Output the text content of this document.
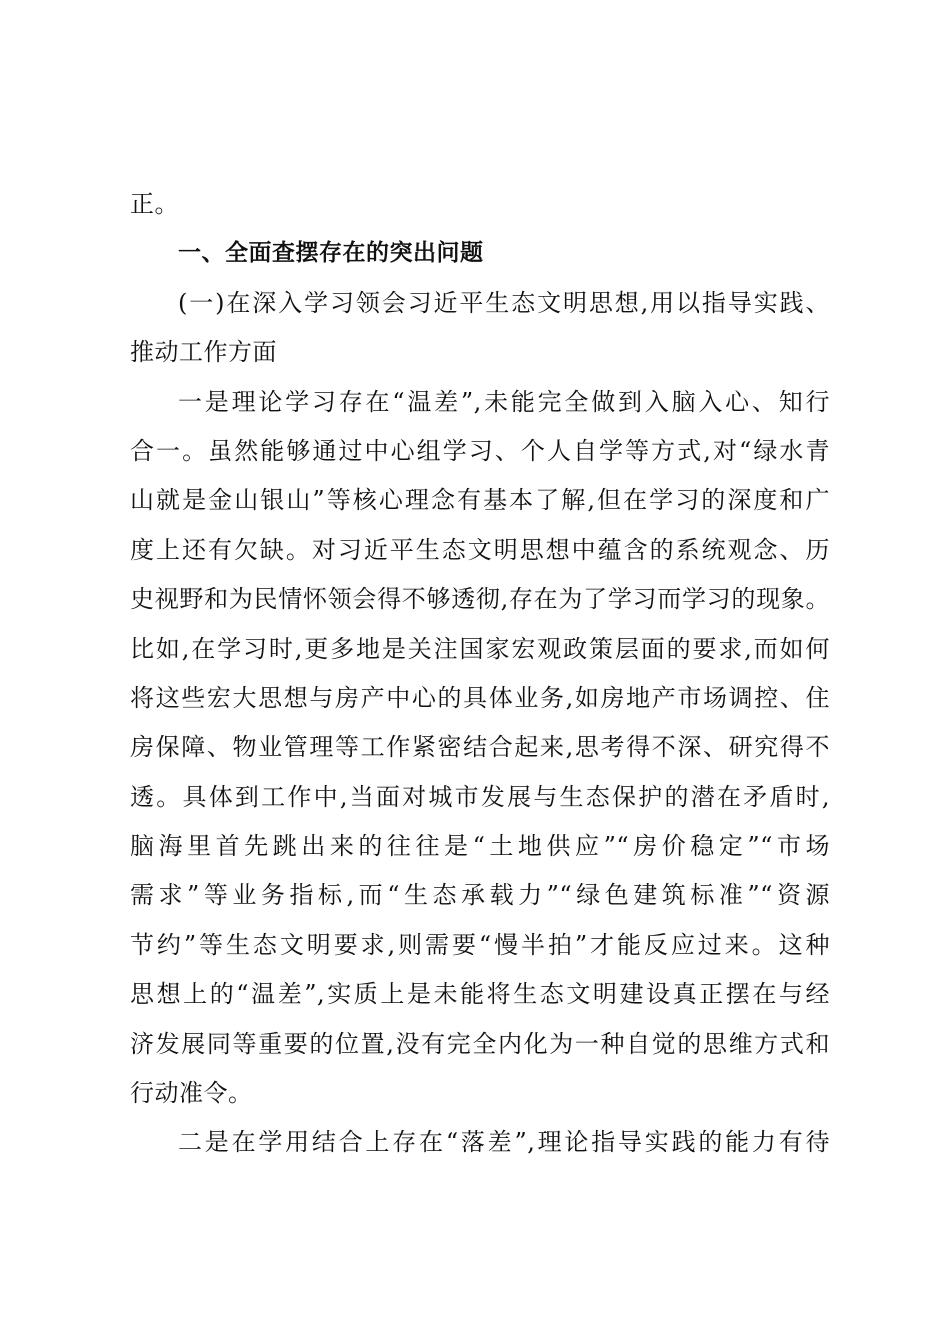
正。
一、全面查摆存在的突出问题
(一)在深入学习领会习近平生态文明思想,用以指导实践、
推动工作方面
一是理论学习存在“温差”,未能完全做到入脑入心、知行
合一。虽然能够通过中心组学习、个人自学等方式,对“绿水青
山就是金山银山”等核心理念有基本了解,但在学习的深度和广
度上还有欠缺。对习近平生态文明思想中蕴含的系统观念、历
史视野和为民情怀领会得不够透彻,存在为了学习而学习的现象。
比如,在学习时,更多地是关注国家宏观政策层面的要求,而如何
将这些宏大思想与房产中心的具体业务,如房地产市场调控、住
房保障、物业管理等工作紧密结合起来,思考得不深、研究得不
透。具体到工作中,当面对城市发展与生态保护的潜在矛盾时,
脑海里首先跳出来的往往是“土地供应”“房价稳定”“市场
需求”等业务指标,而“生态承载力”“绿色建筑标准”“资源
节约”等生态文明要求,则需要“慢半拍”才能反应过来。这种
思想上的“温差”,实质上是未能将生态文明建设真正摆在与经
济发展同等重要的位置,没有完全内化为一种自觉的思维方式和
行动准令。
二是在学用结合上存在“落差”,理论指导实践的能力有待
